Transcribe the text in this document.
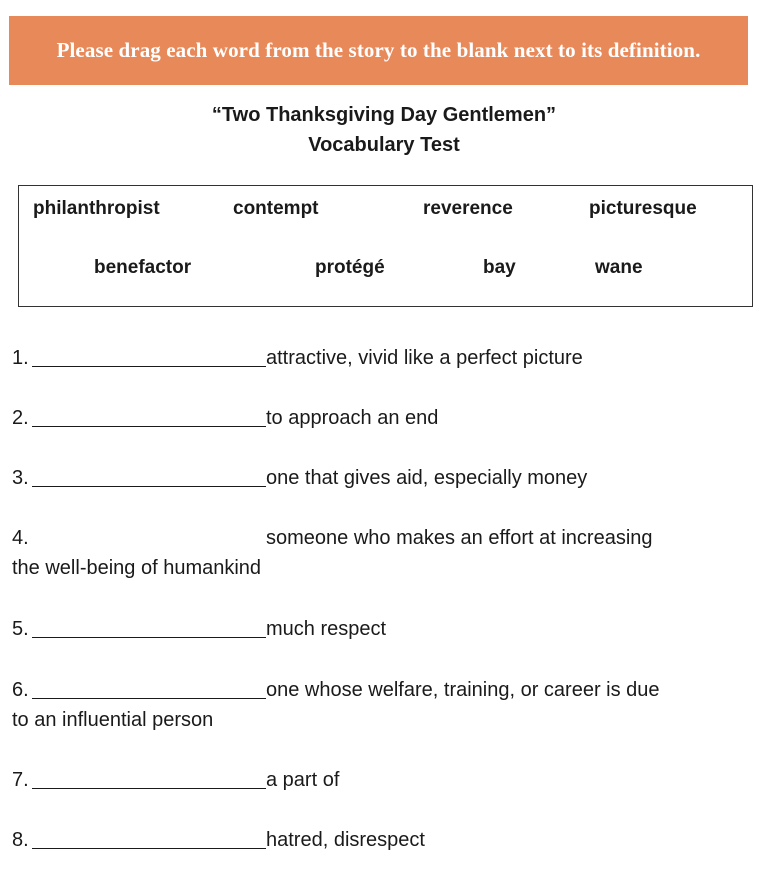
Please drag each word from the story to the blank next to its definition.
“Two Thanksgiving Day Gentlemen”
Vocabulary Test
philanthropist	contempt	reverence	picturesque
benefactor	protégé	bay	wane
1.	attractive, vivid like a perfect picture
2.	to approach an end
3.	one that gives aid, especially money
4.	someone who makes an effort at increasing
the well-being of humankind
5.	much respect
6.	one whose welfare, training, or career is due
to an influential person
7.	a part of
8.	hatred, disrespect
